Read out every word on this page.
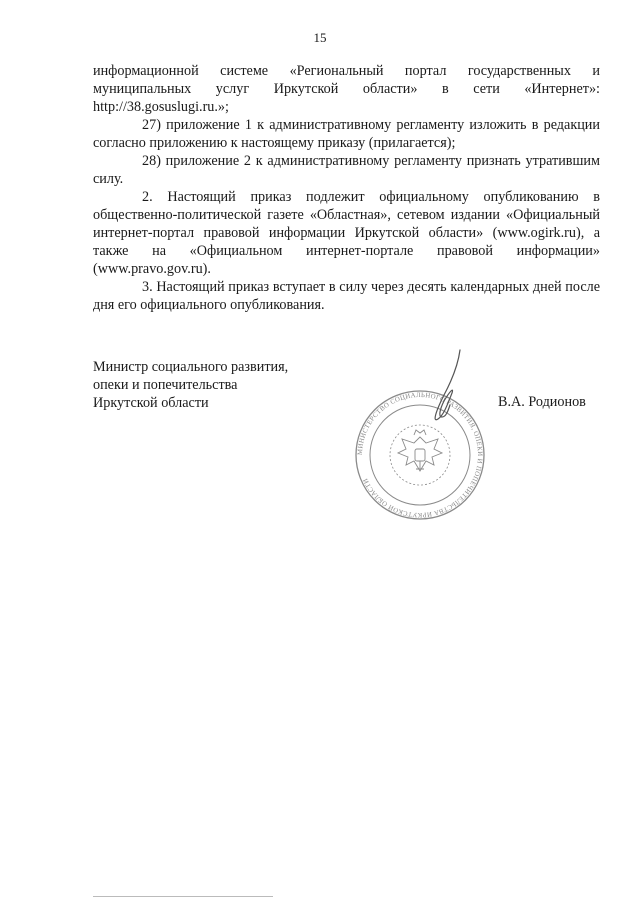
15

информационной системе «Региональный портал государственных и муниципальных услуг Иркутской области» в сети «Интернет»: http://38.gosuslugi.ru.»;

27) приложение 1 к административному регламенту изложить в редакции согласно приложению к настоящему приказу (прилагается);

28) приложение 2 к административному регламенту признать утратившим силу.

2. Настоящий приказ подлежит официальному опубликованию в общественно-политической газете «Областная», сетевом издании «Официальный интернет-портал правовой информации Иркутской области» (www.ogirk.ru), а также на «Официальном интернет-портале правовой информации» (www.pravo.gov.ru).

3. Настоящий приказ вступает в силу через десять календарных дней после дня его официального опубликования.

Министр социального развития,
опеки и попечительства
Иркутской области
МИНИСТЕРСТВО СОЦИАЛЬНОГО РАЗВИТИЯ, ОПЕКИ И ПОПЕЧИТЕЛЬСТВА ИРКУТСКОЙ ОБЛАСТИ
В.А. Родионов
